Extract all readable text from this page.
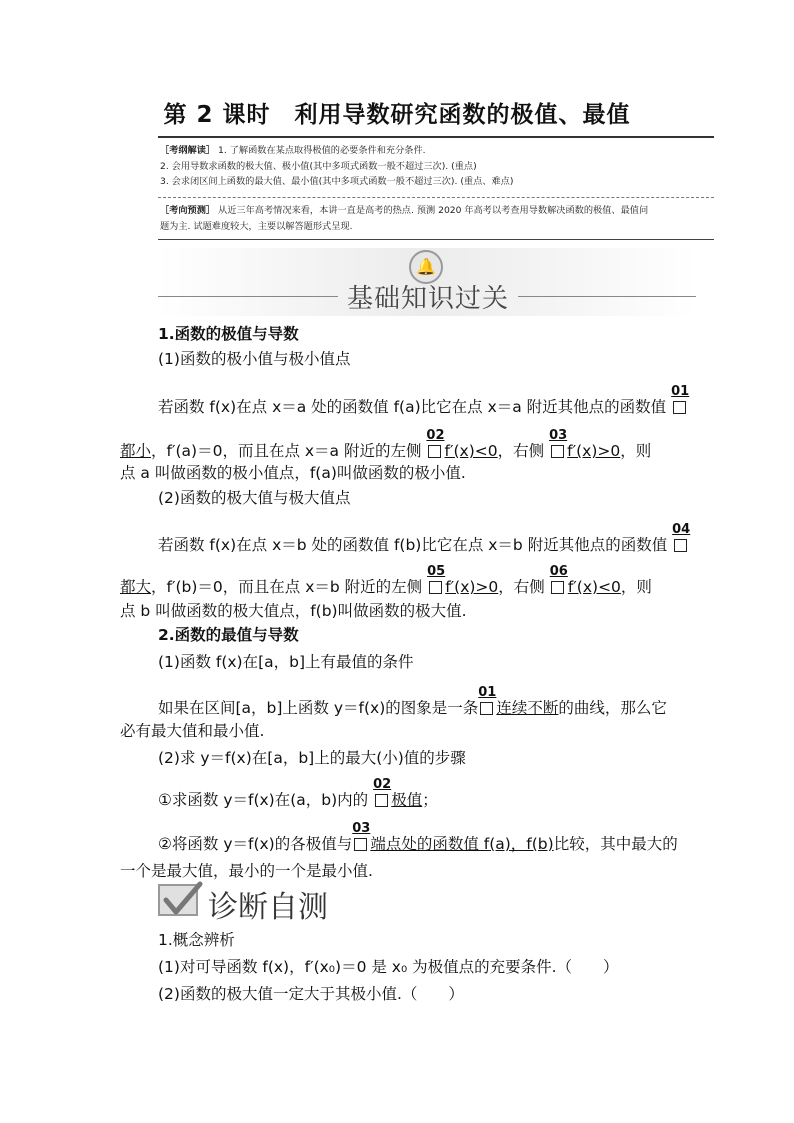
第 2 课时 利用导数研究函数的极值、最值
［考纲解读］ 1. 了解函数在某点取得极值的必要条件和充分条件.
2. 会用导数求函数的极大值、极小值(其中多项式函数一般不超过三次). (重点)
3. 会求闭区间上函数的最大值、最小值(其中多项式函数一般不超过三次). (重点、难点)
［考向预测］ 从近三年高考情况来看，本讲一直是高考的热点. 预测 2020 年高考以考查用导数解决函数的极值、最值问
题为主. 试题难度较大，主要以解答题形式呈现.
🔔
基础知识过关
1.函数的极值与导数
(1)函数的极小值与极小值点
若函数 f(x)在点 x＝a 处的函数值 f(a)比它在点 x＝a 附近其他点的函数值
01
都小，f′(a)＝0，而且在点 x＝a 附近的左侧
02
f′(x)<0，右侧
03
f′(x)>0，则
点 a 叫做函数的极小值点，f(a)叫做函数的极小值.
(2)函数的极大值与极大值点
若函数 f(x)在点 x＝b 处的函数值 f(b)比它在点 x＝b 附近其他点的函数值
04
都大，f′(b)＝0，而且在点 x＝b 附近的左侧
05
f′(x)>0，右侧
06
f′(x)<0，则
点 b 叫做函数的极大值点，f(b)叫做函数的极大值.
2.函数的最值与导数
(1)函数 f(x)在[a，b]上有最值的条件
如果在区间[a，b]上函数 y＝f(x)的图象是一条
01
连续不断的曲线，那么它
必有最大值和最小值.
(2)求 y＝f(x)在[a，b]上的最大(小)值的步骤
①求函数 y＝f(x)在(a，b)内的
02
极值；
②将函数 y＝f(x)的各极值与
03
端点处的函数值 f(a)，f(b)比较，其中最大的
一个是最大值，最小的一个是最小值.
诊断自测
1.概念辨析
(1)对可导函数 f(x)，f′(x₀)＝0 是 x₀ 为极值点的充要条件.（　　）
(2)函数的极大值一定大于其极小值.（　　）
